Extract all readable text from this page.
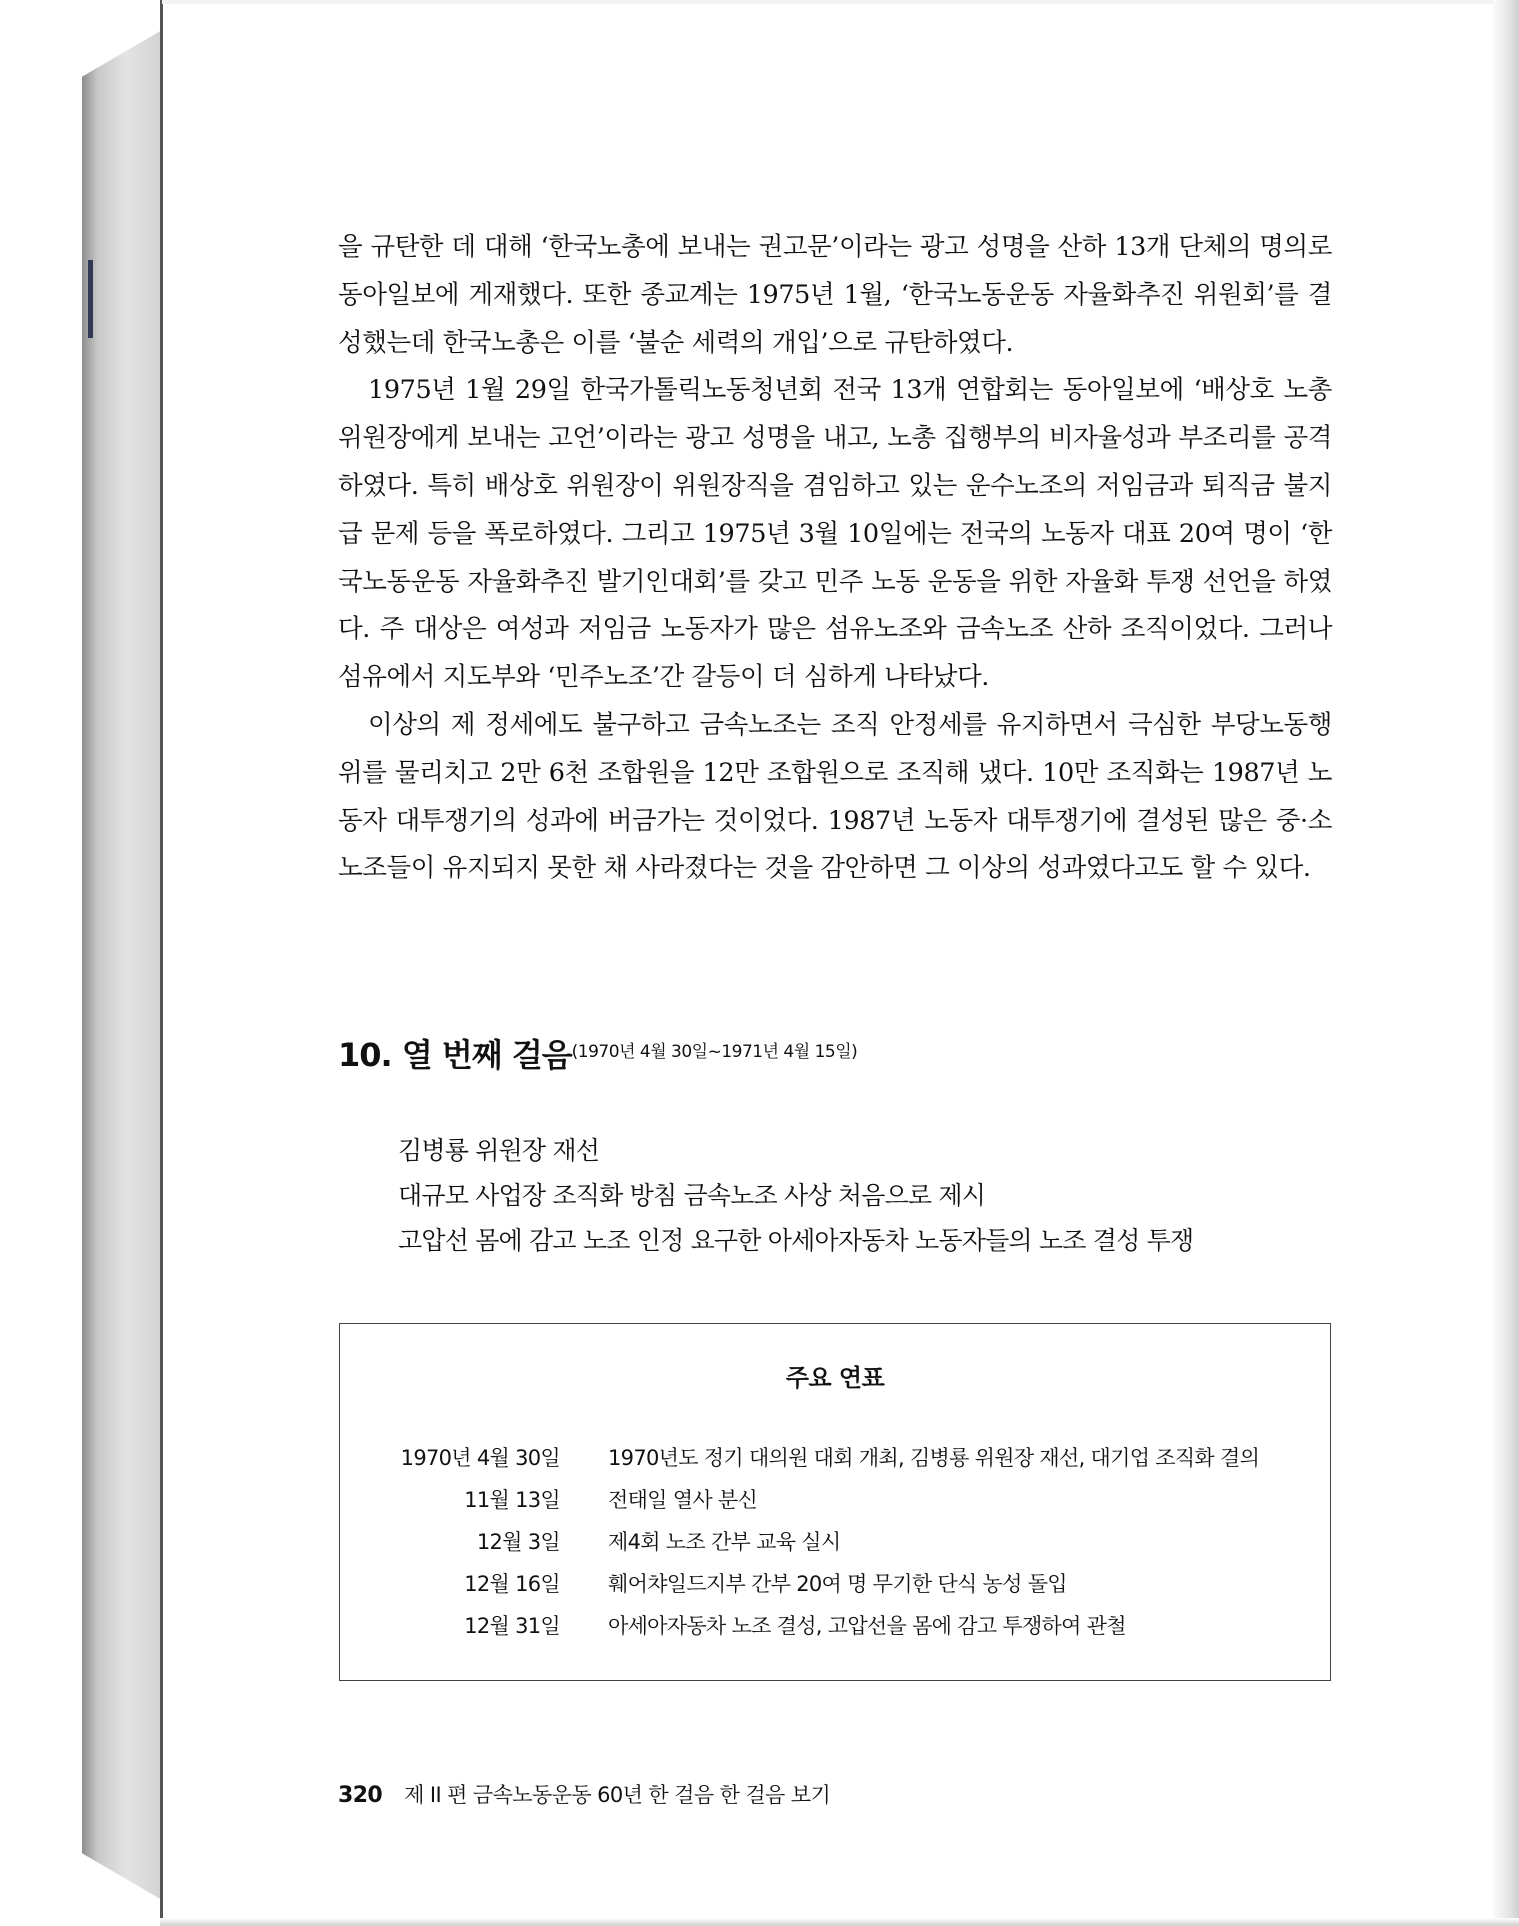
을 규탄한 데 대해 ‘한국노총에 보내는 권고문’이라는 광고 성명을 산하 13개 단체의 명의로 동아일보에 게재했다. 또한 종교계는 1975년 1월, ‘한국노동운동 자율화추진 위원회’를 결성했는데 한국노총은 이를 ‘불순 세력의 개입’으로 규탄하였다.

1975년 1월 29일 한국가톨릭노동청년회 전국 13개 연합회는 동아일보에 ‘배상호 노총위원장에게 보내는 고언’이라는 광고 성명을 내고, 노총 집행부의 비자율성과 부조리를 공격하였다. 특히 배상호 위원장이 위원장직을 겸임하고 있는 운수노조의 저임금과 퇴직금 불지급 문제 등을 폭로하였다. 그리고 1975년 3월 10일에는 전국의 노동자 대표 20여 명이 ‘한국노동운동 자율화추진 발기인대회’를 갖고 민주 노동 운동을 위한 자율화 투쟁 선언을 하였다. 주 대상은 여성과 저임금 노동자가 많은 섬유노조와 금속노조 산하 조직이었다. 그러나 섬유에서 지도부와 ‘민주노조’간 갈등이 더 심하게 나타났다.

이상의 제 정세에도 불구하고 금속노조는 조직 안정세를 유지하면서 극심한 부당노동행위를 물리치고 2만 6천 조합원을 12만 조합원으로 조직해 냈다. 10만 조직화는 1987년 노동자 대투쟁기의 성과에 버금가는 것이었다. 1987년 노동자 대투쟁기에 결성된 많은 중·소 노조들이 유지되지 못한 채 사라졌다는 것을 감안하면 그 이상의 성과였다고도 할 수 있다.

10. 열 번째 걸음$^{(1970년 4월 30일\sim 1971년 4월 15일)}$
김병룡 위원장 재선
대규모 사업장 조직화 방침 금속노조 사상 처음으로 제시
고압선 몸에 감고 노조 인정 요구한 아세아자동차 노동자들의 노조 결성 투쟁
주요 연표
1970년 4월 30일 1970년도 정기 대의원 대회 개최, 김병룡 위원장 재선, 대기업 조직화 결의
11월 13일 전태일 열사 분신
12월 3일 제4회 노조 간부 교육 실시
12월 16일 훼어챠일드지부 간부 20여 명 무기한 단식 농성 돌입
12월 31일 아세아자동차 노조 결성, 고압선을 몸에 감고 투쟁하여 관철
320 제 II 편 금속노동운동 60년 한 걸음 한 걸음 보기
